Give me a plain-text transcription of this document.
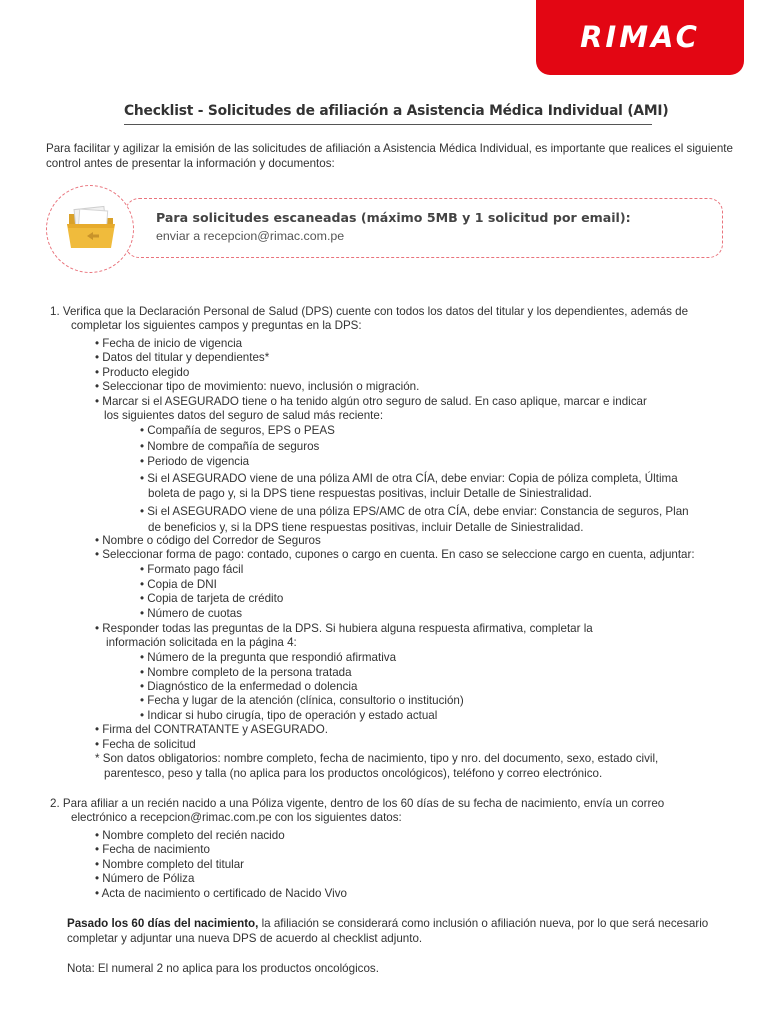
RIMAC
Checklist - Solicitudes de afiliación a Asistencia Médica Individual (AMI)
Para facilitar y agilizar la emisión de las solicitudes de afiliación a Asistencia Médica Individual, es importante que realices el siguiente control antes de presentar la información y documentos:
Para solicitudes escaneadas (máximo 5MB y 1 solicitud por email):
enviar a recepcion@rimac.com.pe
1. Verifica que la Declaración Personal de Salud (DPS) cuente con todos los datos del titular y los dependientes, además de
completar los siguientes campos y preguntas en la DPS:
• Fecha de inicio de vigencia
• Datos del titular y dependientes*
• Producto elegido
• Seleccionar tipo de movimiento: nuevo, inclusión o migración.
• Marcar si el ASEGURADO tiene o ha tenido algún otro seguro de salud. En caso aplique, marcar e indicar
los siguientes datos del seguro de salud más reciente:
• Compañía de seguros, EPS o PEAS
• Nombre de compañía de seguros
• Periodo de vigencia
• Si el ASEGURADO viene de una póliza AMI de otra CÍA, debe enviar: Copia de póliza completa, Última
boleta de pago y, si la DPS tiene respuestas positivas, incluir Detalle de Siniestralidad.
• Si el ASEGURADO viene de una póliza EPS/AMC de otra CÍA, debe enviar: Constancia de seguros, Plan
de beneficios y, si la DPS tiene respuestas positivas, incluir Detalle de Siniestralidad.
• Nombre o código del Corredor de Seguros
• Seleccionar forma de pago: contado, cupones o cargo en cuenta. En caso se seleccione cargo en cuenta, adjuntar:
• Formato pago fácil
• Copia de DNI
• Copia de tarjeta de crédito
• Número de cuotas
• Responder todas las preguntas de la DPS. Si hubiera alguna respuesta afirmativa, completar la
información solicitada en la página 4:
• Número de la pregunta que respondió afirmativa
• Nombre completo de la persona tratada
• Diagnóstico de la enfermedad o dolencia
• Fecha y lugar de la atención (clínica, consultorio o institución)
• Indicar si hubo cirugía, tipo de operación y estado actual
• Firma del CONTRATANTE y ASEGURADO.
• Fecha de solicitud
* Son datos obligatorios: nombre completo, fecha de nacimiento, tipo y nro. del documento, sexo, estado civil,
parentesco, peso y talla (no aplica para los productos oncológicos), teléfono y correo electrónico.
2. Para afiliar a un recién nacido a una Póliza vigente, dentro de los 60 días de su fecha de nacimiento, envía un correo
electrónico a recepcion@rimac.com.pe con los siguientes datos:
• Nombre completo del recién nacido
• Fecha de nacimiento
• Nombre completo del titular
• Número de Póliza
• Acta de nacimiento o certificado de Nacido Vivo
Pasado los 60 días del nacimiento, la afiliación se considerará como inclusión o afiliación nueva, por lo que será necesario
completar y adjuntar una nueva DPS de acuerdo al checklist adjunto.
Nota: El numeral 2 no aplica para los productos oncológicos.
